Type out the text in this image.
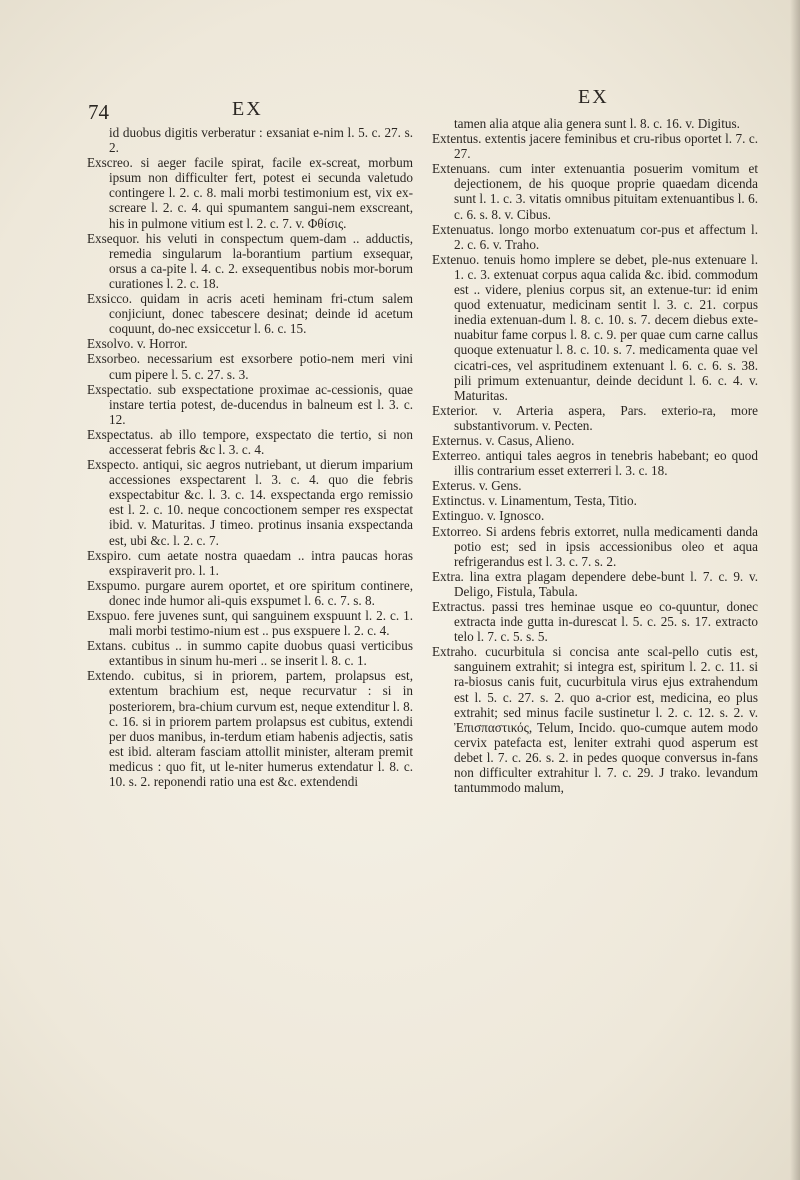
74	EX
EX

id duobus digitis verberatur : exsaniat e-nim l. 5. c. 27. s. 2.

Exscreo. si aeger facile spirat, facile ex-screat, morbum ipsum non difficulter fert, potest ei secunda valetudo contingere l. 2. c. 8. mali morbi testimonium est, vix ex-screare l. 2. c. 4. qui spumantem sangui-nem exscreant, his in pulmone vitium est l. 2. c. 7. v. Φθίσις.

Exsequor. his veluti in conspectum quem-dam .. adductis, remedia singularum la-borantium partium exsequar, orsus a ca-pite l. 4. c. 2. exsequentibus nobis mor-borum curationes l. 2. c. 18.

Exsicco. quidam in acris aceti heminam fri-ctum salem conjiciunt, donec tabescere desinat; deinde id acetum coquunt, do-nec exsiccetur l. 6. c. 15.

Exsolvo. v. Horror.

Exsorbeo. necessarium est exsorbere potio-nem meri vini cum pipere l. 5. c. 27. s. 3.

Exspectatio. sub exspectatione proximae ac-cessionis, quae instare tertia potest, de-ducendus in balneum est l. 3. c. 12.

Exspectatus. ab illo tempore, exspectato die tertio, si non accesserat febris &c l. 3. c. 4.

Exspecto. antiqui, sic aegros nutriebant, ut dierum imparium accessiones exspectarent l. 3. c. 4. quo die febris exspectabitur &c. l. 3. c. 14. exspectanda ergo remissio est l. 2. c. 10. neque concoctionem semper res exspectat ibid. v. Maturitas. J timeo. protinus insania exspectanda est, ubi &c. l. 2. c. 7.

Exspiro. cum aetate nostra quaedam .. intra paucas horas exspiraverit pro. l. 1.

Exspumo. purgare aurem oportet, et ore spiritum continere, donec inde humor ali-quis exspumet l. 6. c. 7. s. 8.

Exspuo. fere juvenes sunt, qui sanguinem exspuunt l. 2. c. 1. mali morbi testimo-nium est .. pus exspuere l. 2. c. 4.

Extans. cubitus .. in summo capite duobus quasi verticibus extantibus in sinum hu-meri .. se inserit l. 8. c. 1.

Extendo. cubitus, si in priorem, partem, prolapsus est, extentum brachium est, neque recurvatur : si in posteriorem, bra-chium curvum est, neque extenditur l. 8. c. 16. si in priorem partem prolapsus est cubitus, extendi per duos manibus, in-terdum etiam habenis adjectis, satis est ibid. alteram fasciam attollit minister, alteram premit medicus : quo fit, ut le-niter humerus extendatur l. 8. c. 10. s. 2. reponendi ratio una est &c. extendendi

tamen alia atque alia genera sunt l. 8. c. 16. v. Digitus.

Extentus. extentis jacere feminibus et cru-ribus oportet l. 7. c. 27.

Extenuans. cum inter extenuantia posuerim vomitum et dejectionem, de his quoque proprie quaedam dicenda sunt l. 1. c. 3. vitatis omnibus pituitam extenuantibus l. 6. c. 6. s. 8. v. Cibus.

Extenuatus. longo morbo extenuatum cor-pus et affectum l. 2. c. 6. v. Traho.

Extenuo. tenuis homo implere se debet, ple-nus extenuare l. 1. c. 3. extenuat corpus aqua calida &c. ibid. commodum est .. videre, plenius corpus sit, an extenue-tur: id enim quod extenuatur, medicinam sentit l. 3. c. 21. corpus inedia extenuan-dum l. 8. c. 10. s. 7. decem diebus exte-nuabitur fame corpus l. 8. c. 9. per quae cum carne callus quoque extenuatur l. 8. c. 10. s. 7. medicamenta quae vel cicatri-ces, vel aspritudinem extenuant l. 6. c. 6. s. 38. pili primum extenuantur, deinde decidunt l. 6. c. 4. v. Maturitas.

Exterior. v. Arteria aspera, Pars. exterio-ra, more substantivorum. v. Pecten.

Externus. v. Casus, Alieno.

Exterreo. antiqui tales aegros in tenebris habebant; eo quod illis contrarium esset exterreri l. 3. c. 18.

Exterus. v. Gens.

Extinctus. v. Linamentum, Testa, Titio.

Extinguo. v. Ignosco.

Extorreo. Si ardens febris extorret, nulla medicamenti danda potio est; sed in ipsis accessionibus oleo et aqua refrigerandus est l. 3. c. 7. s. 2.

Extra. lina extra plagam dependere debe-bunt l. 7. c. 9. v. Deligo, Fistula, Tabula.

Extractus. passi tres heminae usque eo co-quuntur, donec extracta inde gutta in-durescat l. 5. c. 25. s. 17. extracto telo l. 7. c. 5. s. 5.

Extraho. cucurbitula si concisa ante scal-pello cutis est, sanguinem extrahit; si integra est, spiritum l. 2. c. 11. si ra-biosus canis fuit, cucurbitula virus ejus extrahendum est l. 5. c. 27. s. 2. quo a-crior est, medicina, eo plus extrahit; sed minus facile sustinetur l. 2. c. 12. s. 2. v. Ἐπισπαστικός, Telum, Incido. quo-cumque autem modo cervix patefacta est, leniter extrahi quod asperum est debet l. 7. c. 26. s. 2. in pedes quoque conversus in-fans non difficulter extrahitur l. 7. c. 29. J trako. levandum tantummodo malum,
